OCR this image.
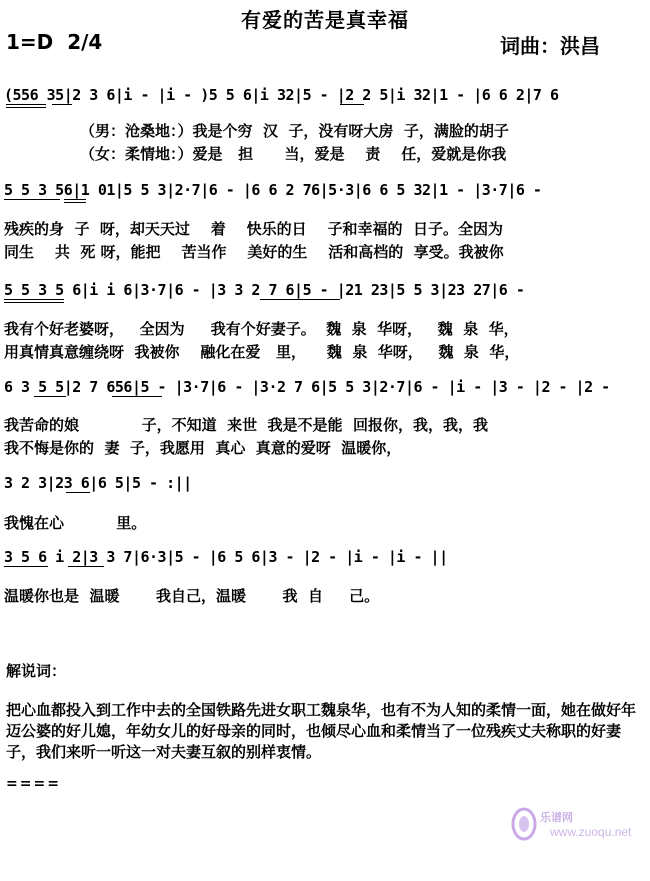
有爱的苦是真幸福
1=D  2/4	词曲：洪昌
(556 35|2 3 6|i - |i - )5 5 6|i 32|5 - |2 2 5|i 32|1 - |6 6 2|7 6
（男：沧桑地：）我是个穷  汉  子，没有呀大房  子，满脸的胡子
（女：柔情地：）爱是   担      当，爱是    责    任，爱就是你我
5 5 3 56|1 01|5 5 3|2·7|6 - |6 6 2 76|5·3|6 6 5 32|1 - |3·7|6 -
残疾的身  子  呀，却天天过    着    快乐的日    子和幸福的  日子。全因为
同生    共  死 呀，能把    苦当作    美好的生    活和高档的  享受。我被你
5 5 3 5 6|i i 6|3·7|6 - |3 3 2 7 6|5 - |21 23|5 5 3|23 27|6 -
我有个好老婆呀，   全因为     我有个好妻子。  魏  泉  华呀，   魏  泉  华，
用真情真意缠绕呀  我被你    融化在爱   里，    魏  泉  华呀，   魏  泉  华，
6 3 5 5|2 7 656|5 - |3·7|6 - |3·2 7 6|5 5 3|2·7|6 - |i - |3 - |2 - |2 -
我苦命的娘            子，不知道  来世  我是不是能  回报你，我，我，我
我不悔是你的  妻  子，我愿用  真心  真意的爱呀  温暖你，
3 2 3|23 6|6 5|5 - :||
我愧在心          里。
3 5 6 i 2|3 3 7|6·3|5 - |6 5 6|3 - |2 - |i - |i - ||
温暖你也是  温暖       我自己，温暖       我  自     己。
解说词：
把心血都投入到工作中去的全国铁路先进女职工魏泉华，也有不为人知的柔情一面，她在做好年迈公婆的好儿媳，年幼女儿的好母亲的同时，也倾尽心血和柔情当了一位残疾丈夫称职的好妻子，我们来听一听这一对夫妻互叙的别样衷情。
====

乐谱网

www.zuoqu.net
